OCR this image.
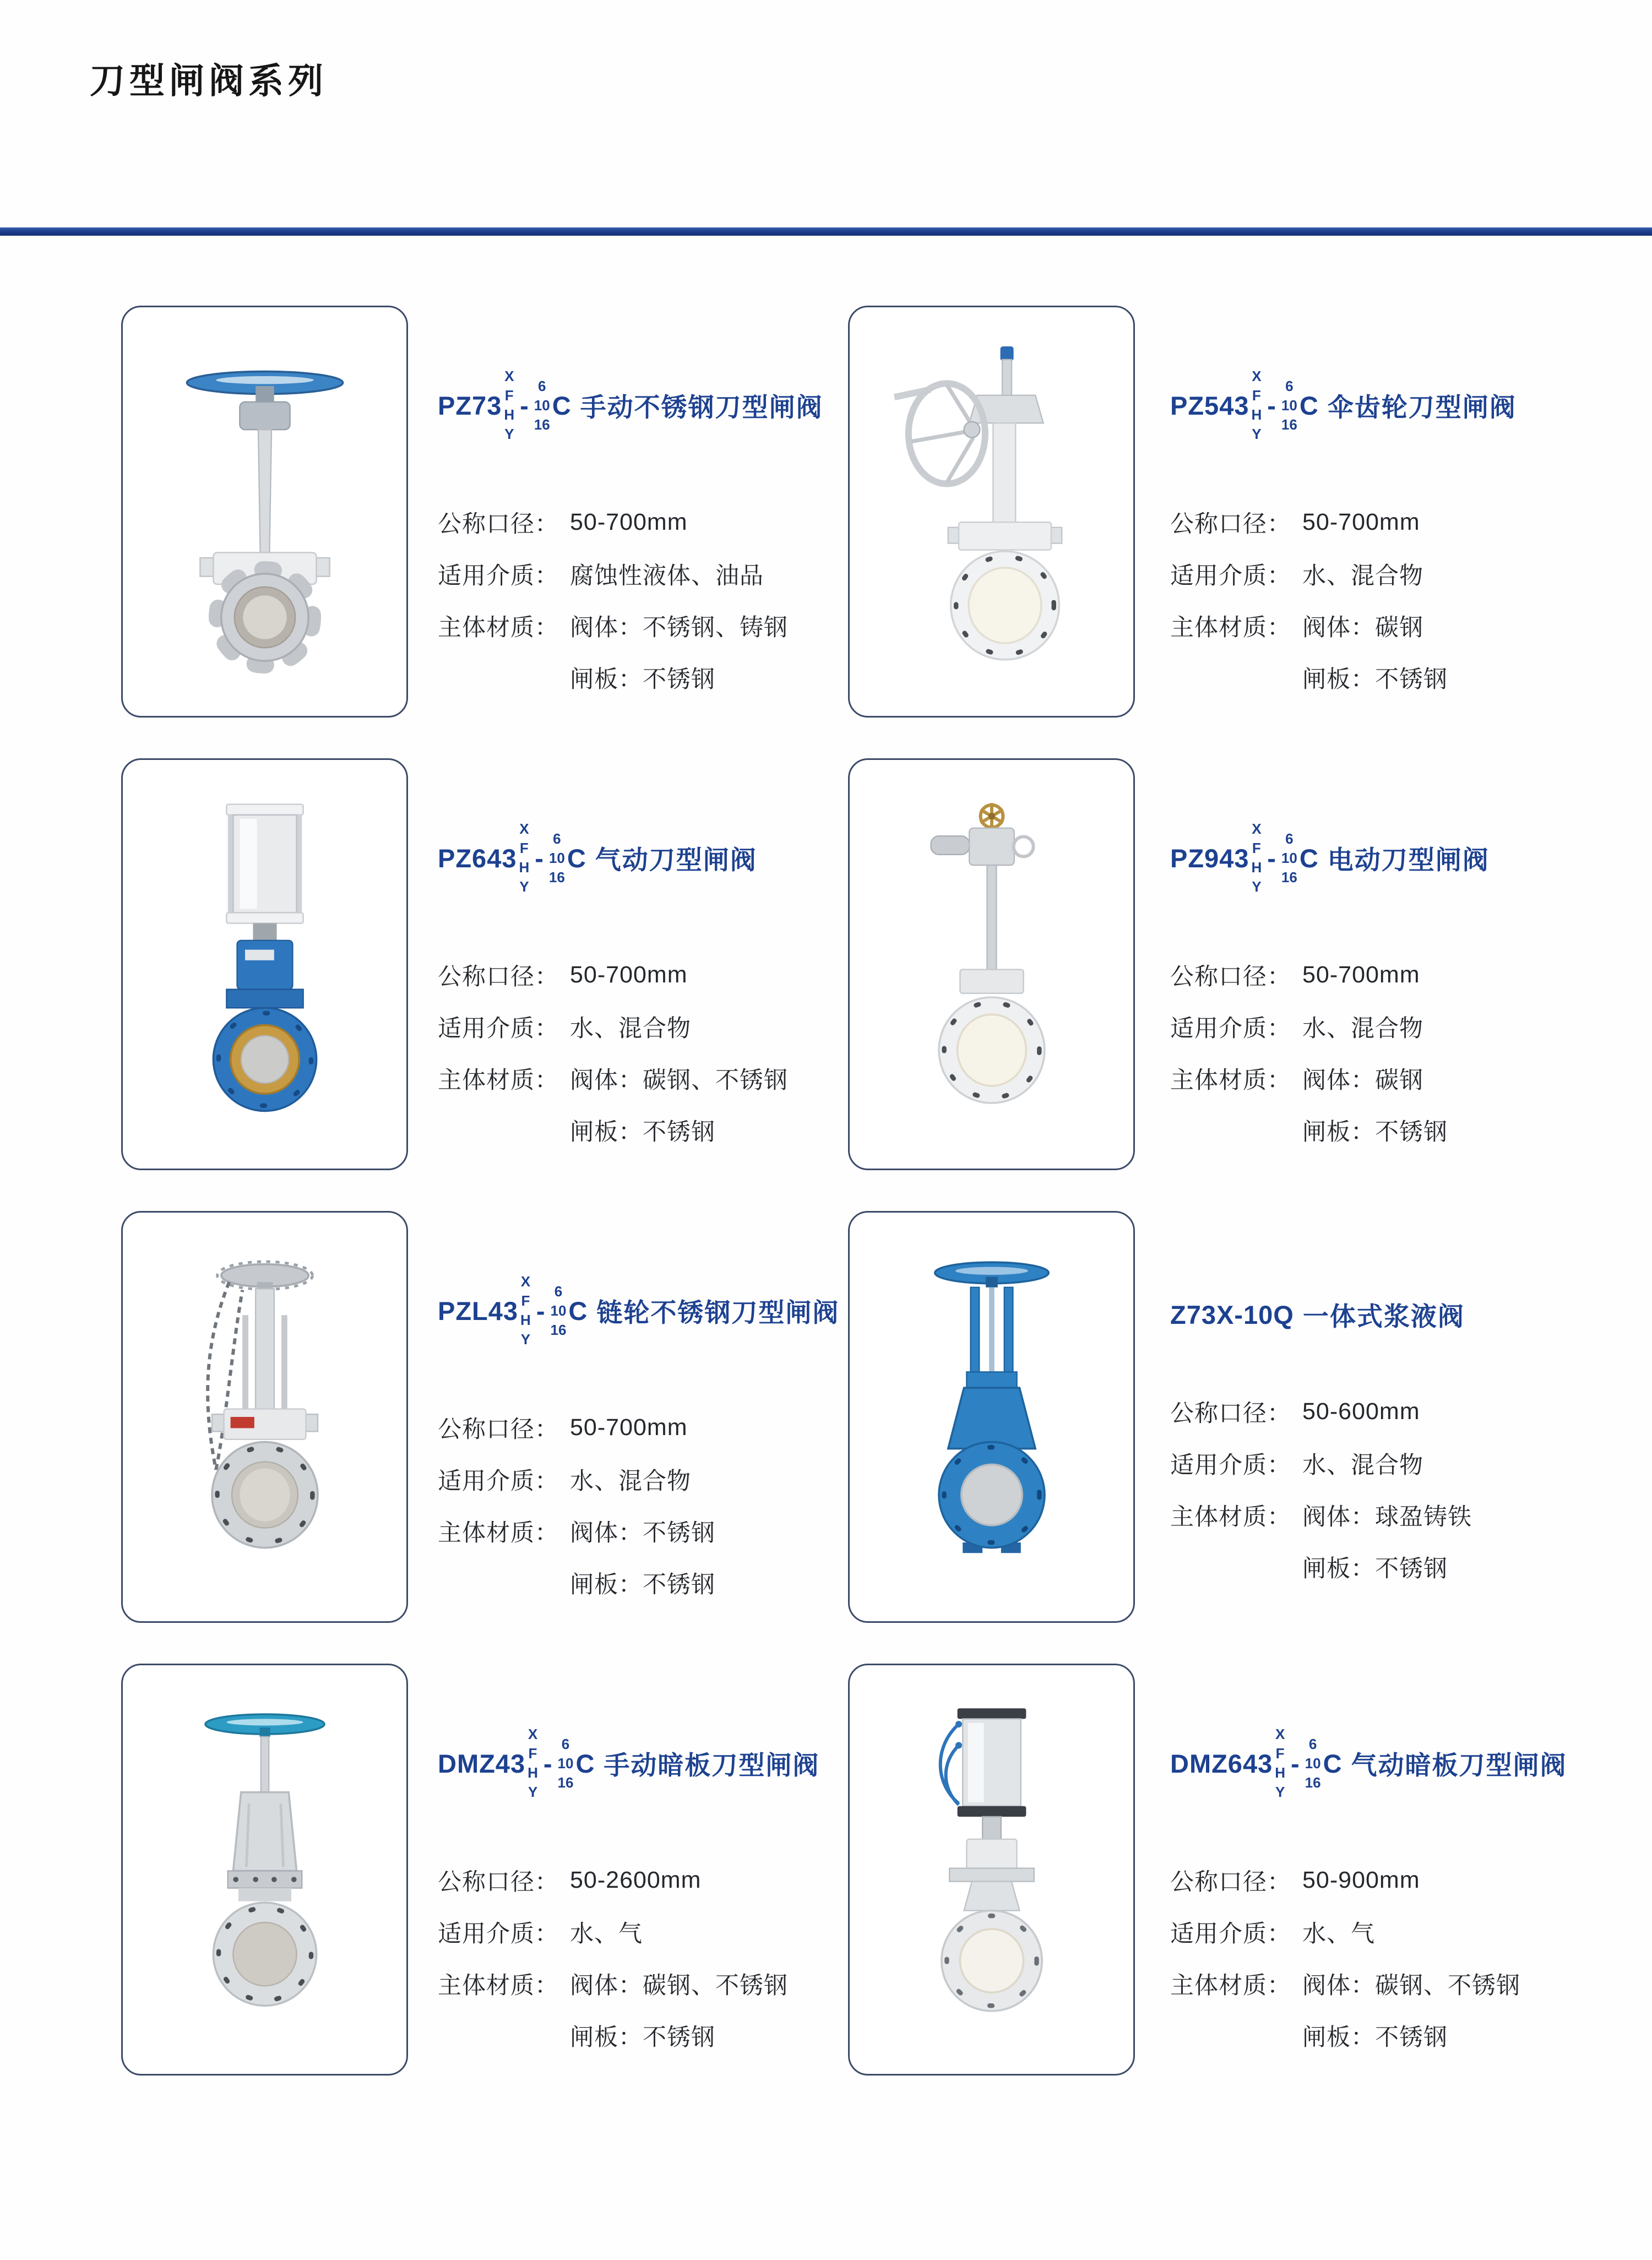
刀型闸阀系列
PZ73
X
F
H
Y
-
6
10
16
C 手动不锈钢刀型闸阀
公称口径： 50-700mm
适用介质： 腐蚀性液体、油品
主体材质： 阀体：不锈钢、铸钢
闸板：不锈钢
PZ543
X
F
H
Y
-
6
10
16
C 伞齿轮刀型闸阀
公称口径： 50-700mm
适用介质： 水、混合物
主体材质： 阀体：碳钢
闸板：不锈钢
PZ643
X
F
H
Y
-
6
10
16
C 气动刀型闸阀
公称口径： 50-700mm
适用介质： 水、混合物
主体材质： 阀体：碳钢、不锈钢
闸板：不锈钢
PZ943
X
F
H
Y
-
6
10
16
C 电动刀型闸阀
公称口径： 50-700mm
适用介质： 水、混合物
主体材质： 阀体：碳钢
闸板：不锈钢
PZL43
X
F
H
Y
-
6
10
16
C 链轮不锈钢刀型闸阀
公称口径： 50-700mm
适用介质： 水、混合物
主体材质： 阀体：不锈钢
闸板：不锈钢
Z73X-10Q 一体式浆液阀
公称口径： 50-600mm
适用介质： 水、混合物
主体材质： 阀体：球盈铸铁
闸板：不锈钢
DMZ43
X
F
H
Y
-
6
10
16
C 手动暗板刀型闸阀
公称口径： 50-2600mm
适用介质： 水、气
主体材质： 阀体：碳钢、不锈钢
闸板：不锈钢
DMZ643
X
F
H
Y
-
6
10
16
C 气动暗板刀型闸阀
公称口径： 50-900mm
适用介质： 水、气
主体材质： 阀体：碳钢、不锈钢
闸板：不锈钢
